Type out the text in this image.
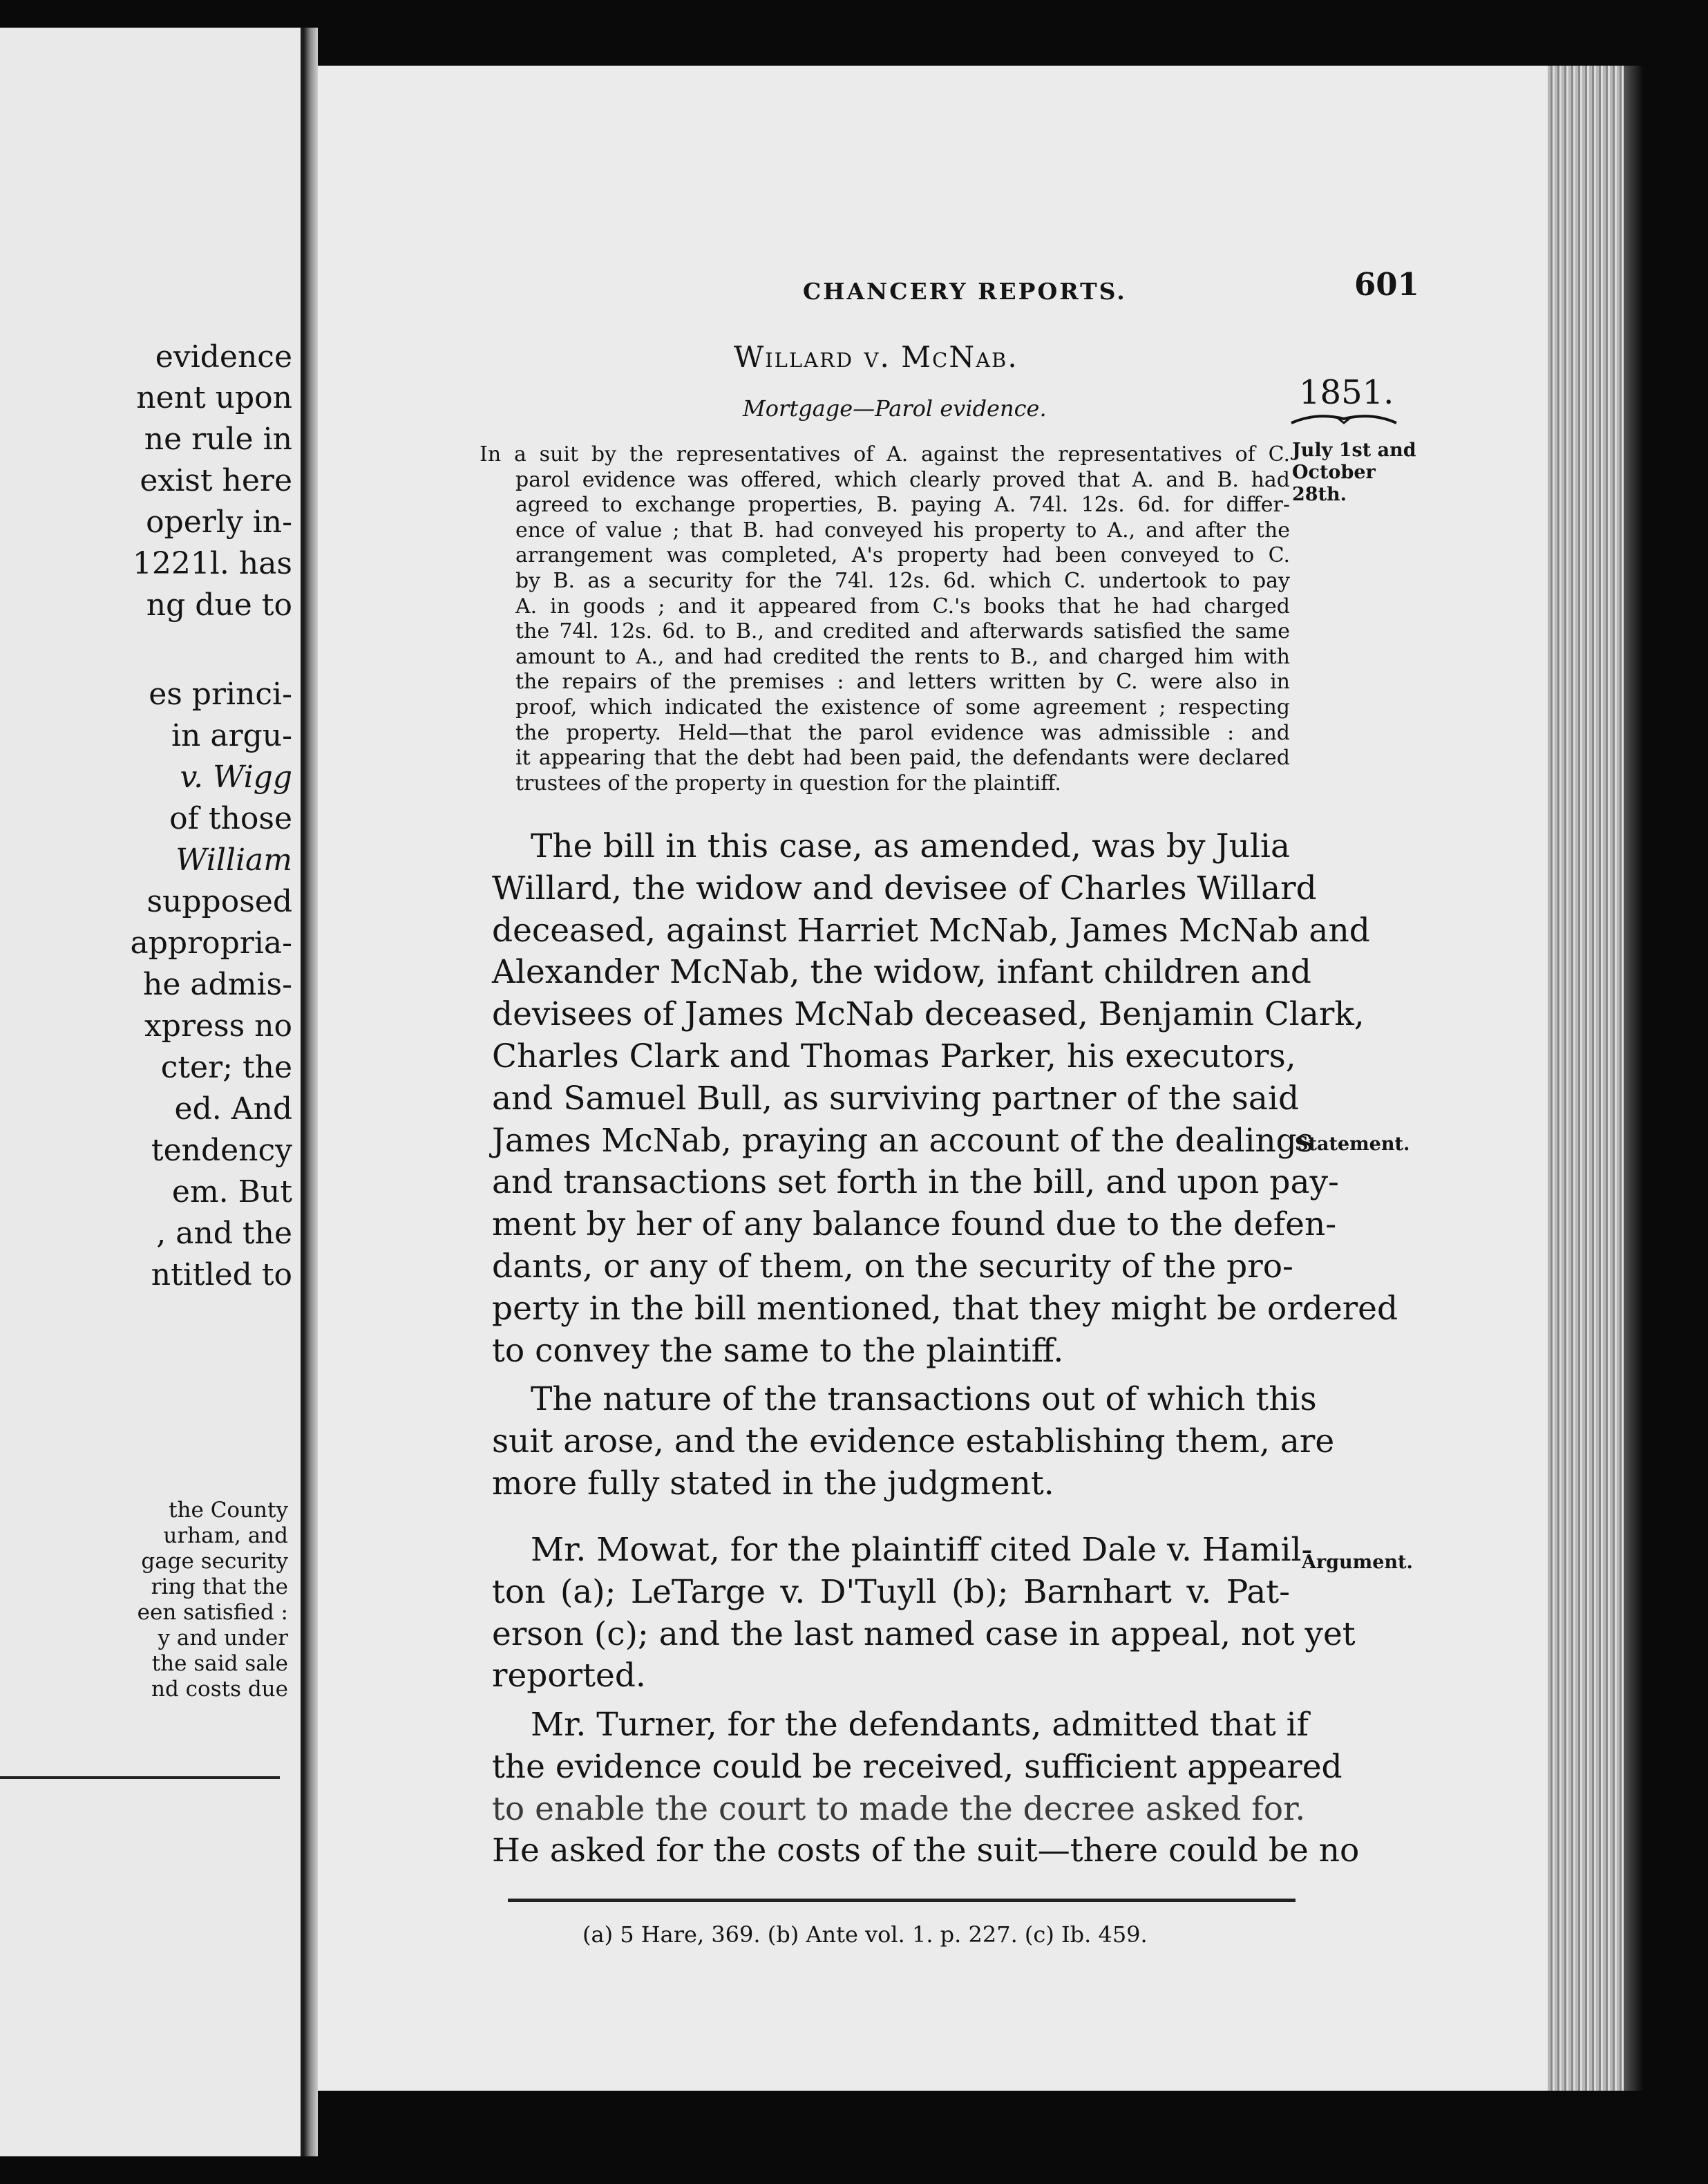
evidence
nent upon
ne rule in
exist here
operly in-
1221l. has
ng due to
es princi-
in argu-
v. Wigg
of those
William
supposed
appropria-
he admis-
xpress no
cter; the
ed. And
tendency
em. But
, and the
ntitled to
the County
urham, and
gage security
ring that the
een satisfied :
y and under
the said sale
nd costs due
CHANCERY REPORTS.	601
Willard v. McNab.
Mortgage—Parol evidence.	1851.
July 1st and October 28th.
In a suit by the representatives of A. against the representatives of C.
parol evidence was offered, which clearly proved that A. and B. had
agreed to exchange properties, B. paying A. 74l. 12s. 6d. for differ-
ence of value ; that B. had conveyed his property to A., and after the
arrangement was completed, A's property had been conveyed to C.
by B. as a security for the 74l. 12s. 6d. which C. undertook to pay
A. in goods ; and it appeared from C.'s books that he had charged
the 74l. 12s. 6d. to B., and credited and afterwards satisfied the same
amount to A., and had credited the rents to B., and charged him with
the repairs of the premises : and letters written by C. were also in
proof, which indicated the existence of some agreement ; respecting
the property. Held—that the parol evidence was admissible : and
it appearing that the debt had been paid, the defendants were declared
trustees of the property in question for the plaintiff.
The bill in this case, as amended, was by Julia
Willard, the widow and devisee of Charles Willard
deceased, against Harriet McNab, James McNab and
Alexander McNab, the widow, infant children and
devisees of James McNab deceased, Benjamin Clark,
Charles Clark and Thomas Parker, his executors,
and Samuel Bull, as surviving partner of the said
James McNab, praying an account of the dealings
and transactions set forth in the bill, and upon pay-
ment by her of any balance found due to the defen-
dants, or any of them, on the security of the pro-
perty in the bill mentioned, that they might be ordered
to convey the same to the plaintiff.
Statement.
The nature of the transactions out of which this
suit arose, and the evidence establishing them, are
more fully stated in the judgment.
Mr. Mowat, for the plaintiff cited Dale v. Hamil-
ton (a); LeTarge v. D'Tuyll (b); Barnhart v. Pat-
erson (c); and the last named case in appeal, not yet
reported.
Argument.
Mr. Turner, for the defendants, admitted that if
the evidence could be received, sufficient appeared
to enable the court to made the decree asked for.
He asked for the costs of the suit—there could be no
(a) 5 Hare, 369. (b) Ante vol. 1. p. 227. (c) Ib. 459.
